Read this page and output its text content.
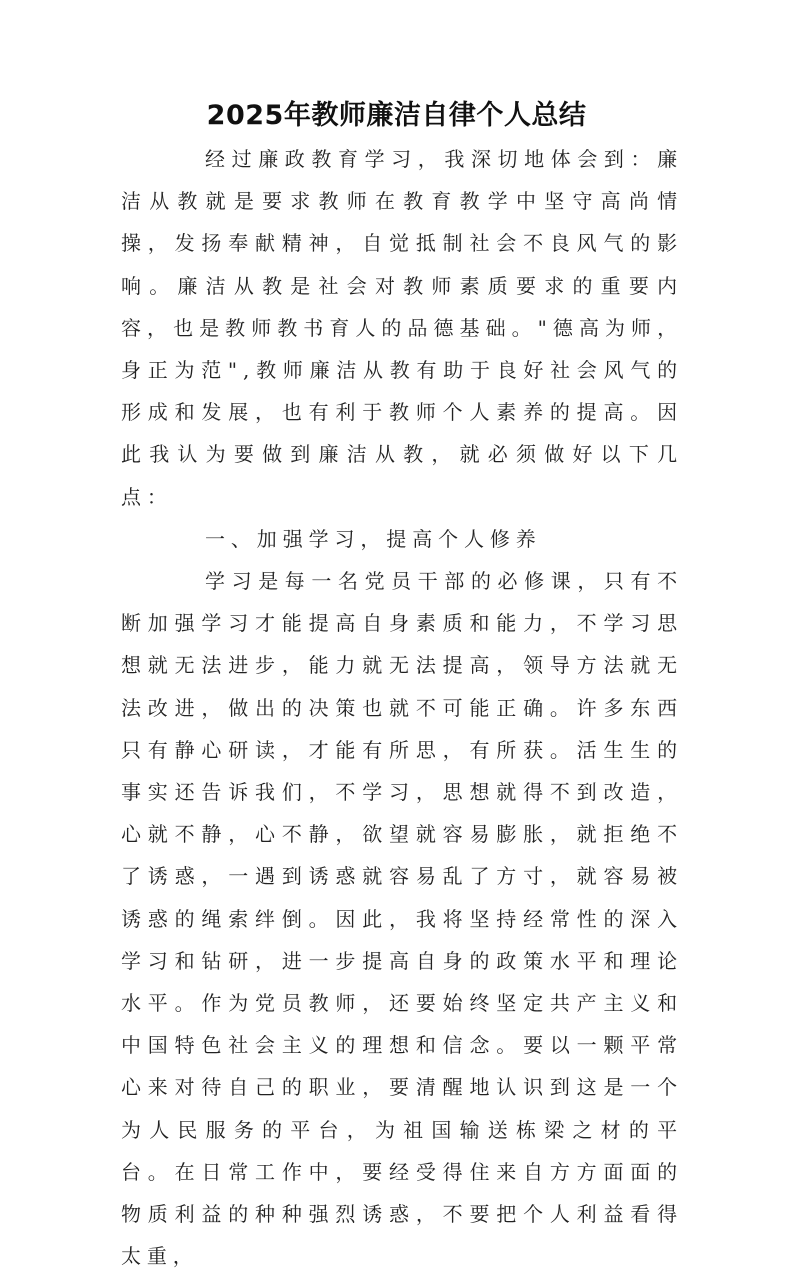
2025年教师廉洁自律个人总结

经过廉政教育学习，我深切地体会到：廉洁从教就是要求教师在教育教学中坚守高尚情操，发扬奉献精神，自觉抵制社会不良风气的影响。廉洁从教是社会对教师素质要求的重要内容，也是教师教书育人的品德基础。"德高为师，身正为范",教师廉洁从教有助于良好社会风气的形成和发展，也有利于教师个人素养的提高。因此我认为要做到廉洁从教，就必须做好以下几点：

一、加强学习，提高个人修养

学习是每一名党员干部的必修课，只有不断加强学习才能提高自身素质和能力，不学习思想就无法进步，能力就无法提高，领导方法就无法改进，做出的决策也就不可能正确。许多东西只有静心研读，才能有所思，有所获。活生生的事实还告诉我们，不学习，思想就得不到改造，心就不静，心不静，欲望就容易膨胀，就拒绝不了诱惑，一遇到诱惑就容易乱了方寸，就容易被诱惑的绳索绊倒。因此，我将坚持经常性的深入学习和钻研，进一步提高自身的政策水平和理论水平。作为党员教师，还要始终坚定共产主义和中国特色社会主义的理想和信念。要以一颗平常心来对待自己的职业，要清醒地认识到这是一个为人民服务的平台，为祖国输送栋梁之材的平台。在日常工作中，要经受得住来自方方面面的物质利益的种种强烈诱惑，不要把个人利益看得太重，
